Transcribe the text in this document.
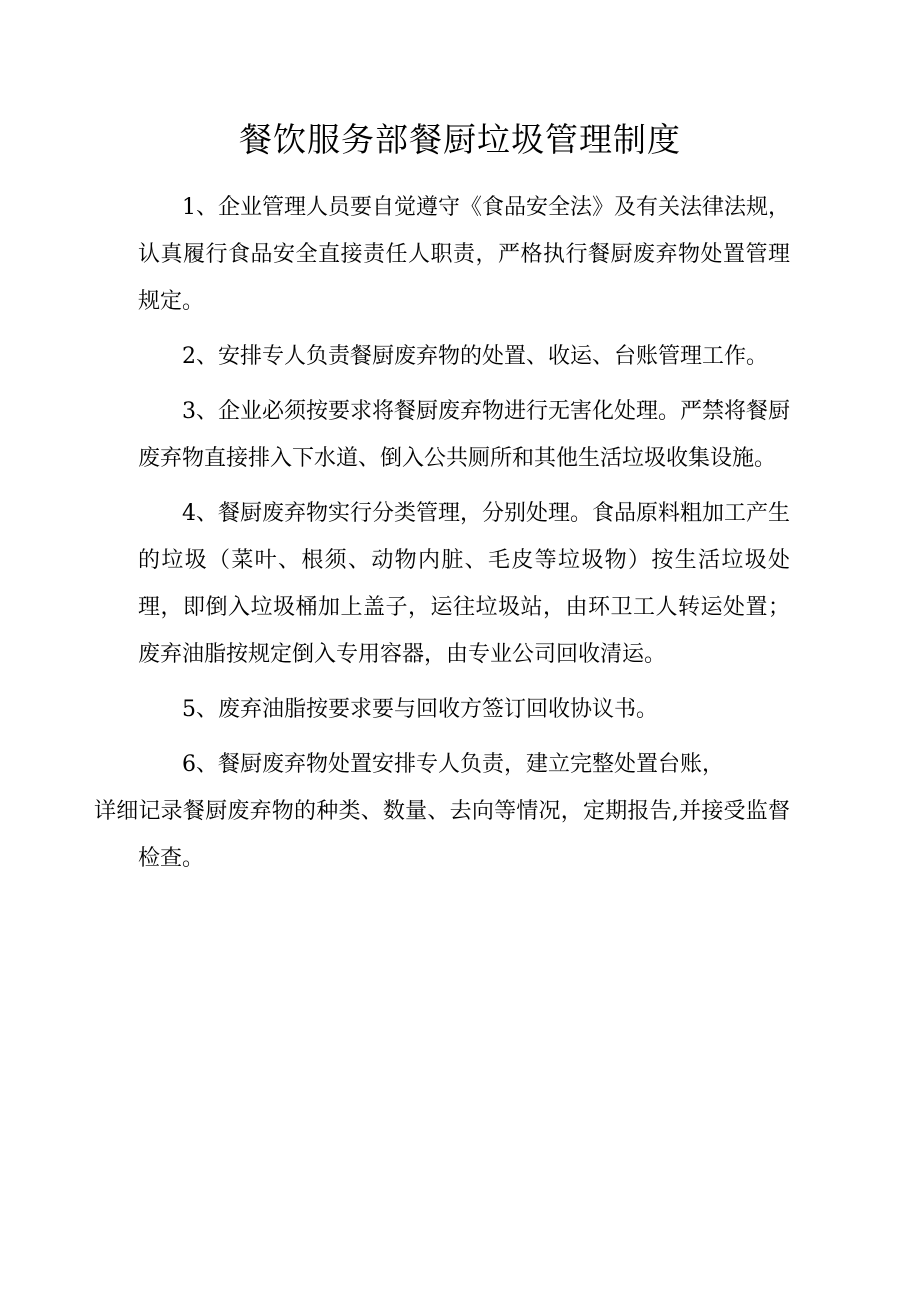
餐饮服务部餐厨垃圾管理制度

1、企业管理人员要自觉遵守《食品安全法》及有关法律法规，认真履行食品安全直接责任人职责，严格执行餐厨废弃物处置管理规定。

2、安排专人负责餐厨废弃物的处置、收运、台账管理工作。

3、企业必须按要求将餐厨废弃物进行无害化处理。严禁将餐厨废弃物直接排入下水道、倒入公共厕所和其他生活垃圾收集设施。

4、餐厨废弃物实行分类管理，分别处理。食品原料粗加工产生的垃圾（菜叶、根须、动物内脏、毛皮等垃圾物）按生活垃圾处理，即倒入垃圾桶加上盖子，运往垃圾站，由环卫工人转运处置；废弃油脂按规定倒入专用容器，由专业公司回收清运。

5、废弃油脂按要求要与回收方签订回收协议书。

6、餐厨废弃物处置安排专人负责，建立完整处置台账，
详细记录餐厨废弃物的种类、数量、去向等情况，定期报告,并接受监督检查。
